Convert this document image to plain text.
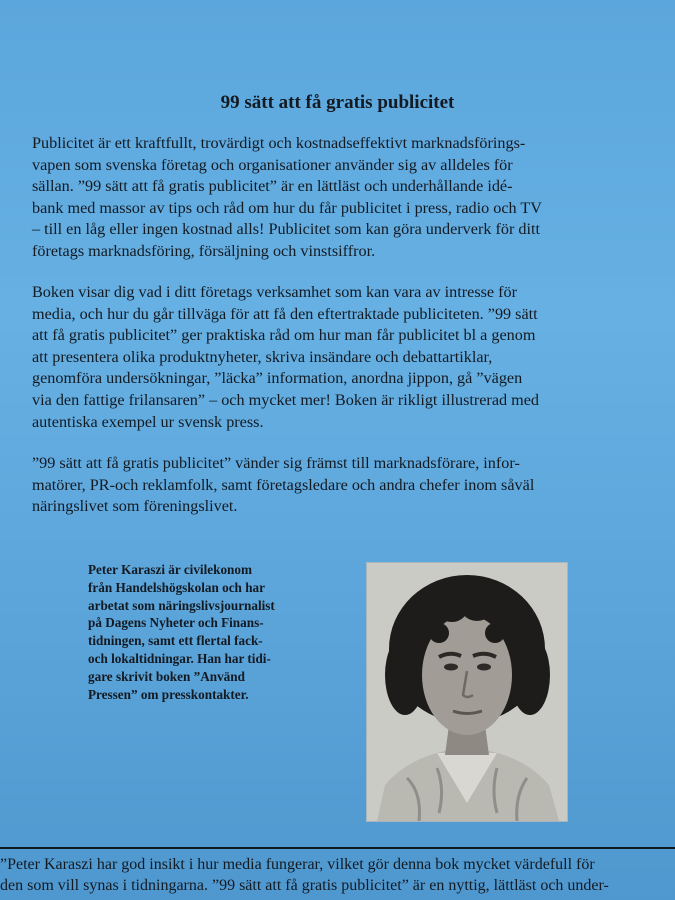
99 sätt att få gratis publicitet
Publicitet är ett kraftfullt, trovärdigt och kostnadseffektivt marknadsförings-
vapen som svenska företag och organisationer använder sig av alldeles för
sällan. ”99 sätt att få gratis publicitet” är en lättläst och underhållande idé-
bank med massor av tips och råd om hur du får publicitet i press, radio och TV
– till en låg eller ingen kostnad alls! Publicitet som kan göra underverk för ditt
företags marknadsföring, försäljning och vinstsiffror.
Boken visar dig vad i ditt företags verksamhet som kan vara av intresse för
media, och hur du går tillväga för att få den eftertraktade publiciteten. ”99 sätt
att få gratis publicitet” ger praktiska råd om hur man får publicitet bl a genom
att presentera olika produktnyheter, skriva insändare och debattartiklar,
genomföra undersökningar, ”läcka” information, anordna jippon, gå ”vägen
via den fattige frilansaren” – och mycket mer! Boken är rikligt illustrerad med
autentiska exempel ur svensk press.
”99 sätt att få gratis publicitet” vänder sig främst till marknadsförare, infor-
matörer, PR-och reklamfolk, samt företagsledare och andra chefer inom såväl
näringslivet som föreningslivet.
Peter Karaszi är civilekonom
från Handelshögskolan och har
arbetat som näringslivsjournalist
på Dagens Nyheter och Finans-
tidningen, samt ett flertal fack-
och lokaltidningar. Han har tidi-
gare skrivit boken ”Använd
Pressen” om presskontakter.
”Peter Karaszi har god insikt i hur media fungerar, vilket gör denna bok mycket värdefull för
den som vill synas i tidningarna. ”99 sätt att få gratis publicitet” är en nyttig, lättläst och under-
